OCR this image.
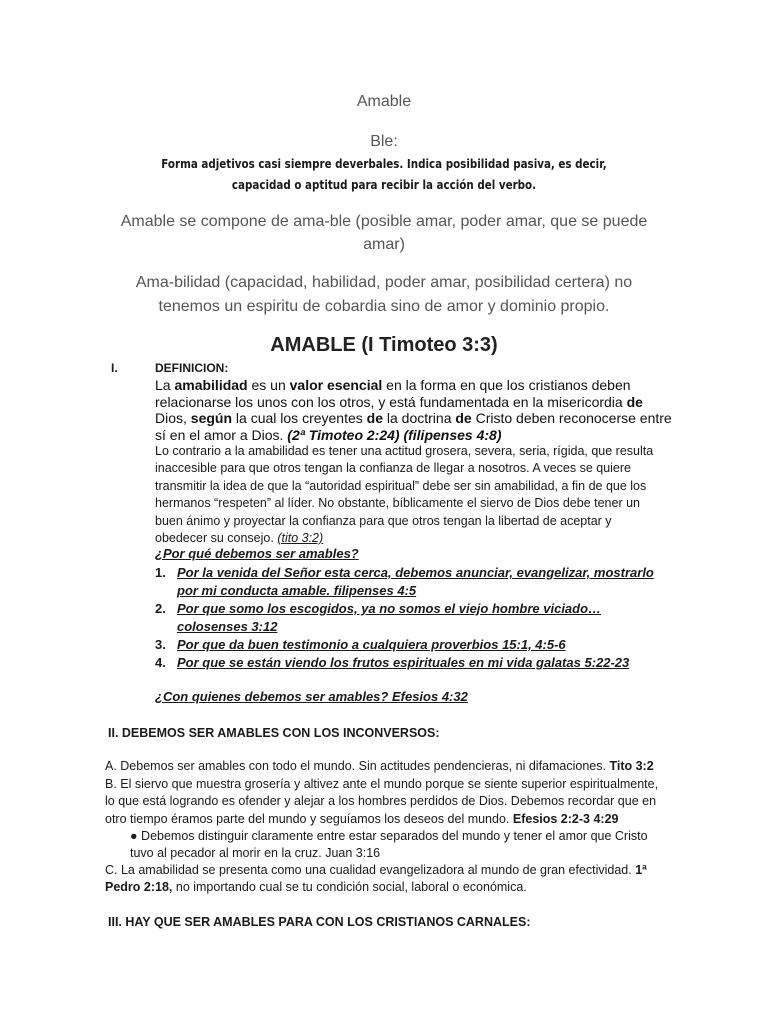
Amable
Ble:
Forma adjetivos casi siempre deverbales. Indica posibilidad pasiva, es decir, capacidad o aptitud para recibir la acción del verbo.
Amable se compone de ama-ble (posible amar, poder amar, que se puede amar)
Ama-bilidad (capacidad, habilidad, poder amar, posibilidad certera) no tenemos un espiritu de cobardia sino de amor y dominio propio.
AMABLE (I Timoteo 3:3)
I.	DEFINICION:
La amabilidad es un valor esencial en la forma en que los cristianos deben relacionarse los unos con los otros, y está fundamentada en la misericordia de Dios, según la cual los creyentes de la doctrina de Cristo deben reconocerse entre sí en el amor a Dios. (2ª Timoteo 2:24) (filipenses 4:8)
Lo contrario a la amabilidad es tener una actitud grosera, severa, seria, rígida, que resulta inaccesible para que otros tengan la confianza de llegar a nosotros. A veces se quiere transmitir la idea de que la “autoridad espiritual” debe ser sin amabilidad, a fin de que los hermanos “respeten” al líder. No obstante, bíblicamente el siervo de Dios debe tener un buen ánimo y proyectar la confianza para que otros tengan la libertad de aceptar y obedecer su consejo. (tito 3:2)
¿Por qué debemos ser amables?
1. Por la venida del Señor esta cerca, debemos anunciar, evangelizar, mostrarlo por mi conducta amable. filipenses 4:5
2. Por que somo los escogidos, ya no somos el viejo hombre viciado… colosenses 3:12
3. Por que da buen testimonio a cualquiera proverbios 15:1, 4:5-6
4. Por que se están viendo los frutos espirituales en mi vida galatas 5:22-23
¿Con quienes debemos ser amables? Efesios 4:32
II. DEBEMOS SER AMABLES CON LOS INCONVERSOS:
A. Debemos ser amables con todo el mundo. Sin actitudes pendencieras, ni difamaciones. Tito 3:2
B. El siervo que muestra grosería y altivez ante el mundo porque se siente superior espiritualmente, lo que está logrando es ofender y alejar a los hombres perdidos de Dios. Debemos recordar que en otro tiempo éramos parte del mundo y seguíamos los deseos del mundo. Efesios 2:2-3 4:29
● Debemos distinguir claramente entre estar separados del mundo y tener el amor que Cristo tuvo al pecador al morir en la cruz. Juan 3:16
C. La amabilidad se presenta como una cualidad evangelizadora al mundo de gran efectividad. 1ª Pedro 2:18, no importando cual se tu condición social, laboral o económica.
III. HAY QUE SER AMABLES PARA CON LOS CRISTIANOS CARNALES:
